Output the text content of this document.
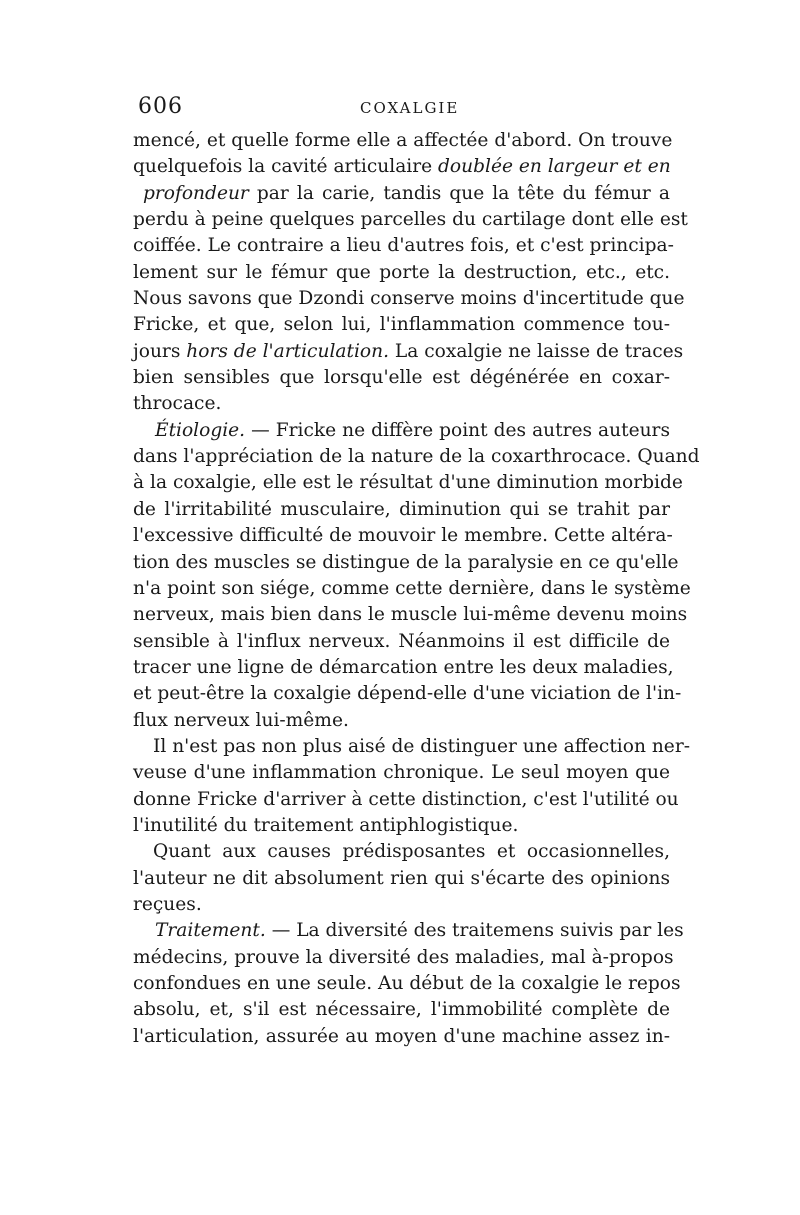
606	COXALGIE
mencé, et quelle forme elle a affectée d'abord. On trouve
quelquefois la cavité articulaire doublée en largeur et en
profondeur par la carie, tandis que la tête du fémur a
perdu à peine quelques parcelles du cartilage dont elle est
coiffée. Le contraire a lieu d'autres fois, et c'est principa-
lement sur le fémur que porte la destruction, etc., etc.
Nous savons que Dzondi conserve moins d'incertitude que
Fricke, et que, selon lui, l'inflammation commence tou-
jours hors de l'articulation. La coxalgie ne laisse de traces
bien sensibles que lorsqu'elle est dégénérée en coxar-
throcace.
Étiologie. — Fricke ne diffère point des autres auteurs
dans l'appréciation de la nature de la coxarthrocace. Quand
à la coxalgie, elle est le résultat d'une diminution morbide
de l'irritabilité musculaire, diminution qui se trahit par
l'excessive difficulté de mouvoir le membre. Cette altéra-
tion des muscles se distingue de la paralysie en ce qu'elle
n'a point son siége, comme cette dernière, dans le système
nerveux, mais bien dans le muscle lui-même devenu moins
sensible à l'influx nerveux. Néanmoins il est difficile de
tracer une ligne de démarcation entre les deux maladies,
et peut-être la coxalgie dépend-elle d'une viciation de l'in-
flux nerveux lui-même.
Il n'est pas non plus aisé de distinguer une affection ner-
veuse d'une inflammation chronique. Le seul moyen que
donne Fricke d'arriver à cette distinction, c'est l'utilité ou
l'inutilité du traitement antiphlogistique.
Quant aux causes prédisposantes et occasionnelles,
l'auteur ne dit absolument rien qui s'écarte des opinions
reçues.
Traitement. — La diversité des traitemens suivis par les
médecins, prouve la diversité des maladies, mal à-propos
confondues en une seule. Au début de la coxalgie le repos
absolu, et, s'il est nécessaire, l'immobilité complète de
l'articulation, assurée au moyen d'une machine assez in-
